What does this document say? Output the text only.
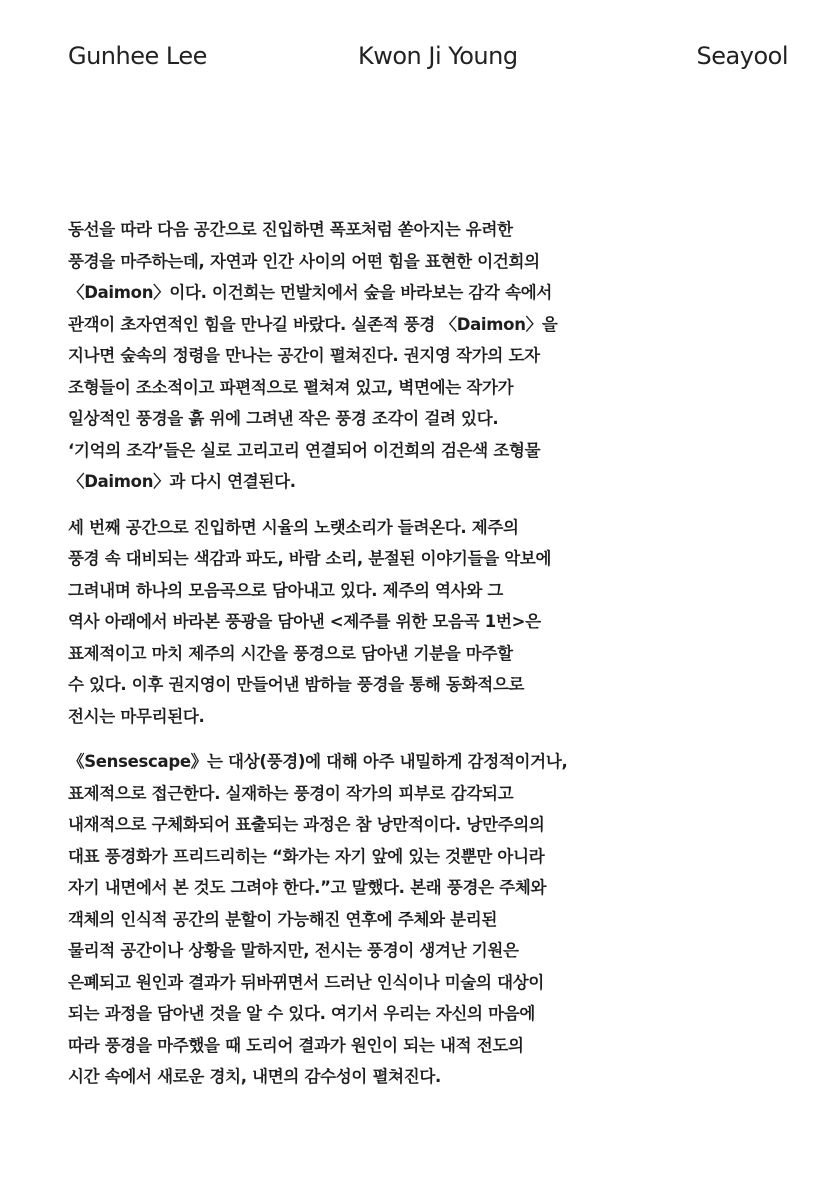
Gunhee Lee	Kwon Ji Young	Seayool
동선을 따라 다음 공간으로 진입하면 폭포처럼 쏟아지는 유려한
풍경을 마주하는데, 자연과 인간 사이의 어떤 힘을 표현한 이건희의
〈Daimon〉이다. 이건희는 먼발치에서 숲을 바라보는 감각 속에서
관객이 초자연적인 힘을 만나길 바랐다. 실존적 풍경 〈Daimon〉을
지나면 숲속의 정령을 만나는 공간이 펼쳐진다. 권지영 작가의 도자
조형들이 조소적이고 파편적으로 펼쳐져 있고, 벽면에는 작가가
일상적인 풍경을 흙 위에 그려낸 작은 풍경 조각이 걸려 있다.
‘기억의 조각’들은 실로 고리고리 연결되어 이건희의 검은색 조형물
〈Daimon〉과 다시 연결된다.
세 번째 공간으로 진입하면 시율의 노랫소리가 들려온다. 제주의
풍경 속 대비되는 색감과 파도, 바람 소리, 분절된 이야기들을 악보에
그려내며 하나의 모음곡으로 담아내고 있다. 제주의 역사와 그
역사 아래에서 바라본 풍광을 담아낸 <제주를 위한 모음곡 1번>은
표제적이고 마치 제주의 시간을 풍경으로 담아낸 기분을 마주할
수 있다. 이후 권지영이 만들어낸 밤하늘 풍경을 통해 동화적으로
전시는 마무리된다.
《Sensescape》는 대상(풍경)에 대해 아주 내밀하게 감정적이거나,
표제적으로 접근한다. 실재하는 풍경이 작가의 피부로 감각되고
내재적으로 구체화되어 표출되는 과정은 참 낭만적이다. 낭만주의의
대표 풍경화가 프리드리히는 “화가는 자기 앞에 있는 것뿐만 아니라
자기 내면에서 본 것도 그려야 한다.”고 말했다. 본래 풍경은 주체와
객체의 인식적 공간의 분할이 가능해진 연후에 주체와 분리된
물리적 공간이나 상황을 말하지만, 전시는 풍경이 생겨난 기원은
은폐되고 원인과 결과가 뒤바뀌면서 드러난 인식이나 미술의 대상이
되는 과정을 담아낸 것을 알 수 있다. 여기서 우리는 자신의 마음에
따라 풍경을 마주했을 때 도리어 결과가 원인이 되는 내적 전도의
시간 속에서 새로운 경치, 내면의 감수성이 펼쳐진다.
